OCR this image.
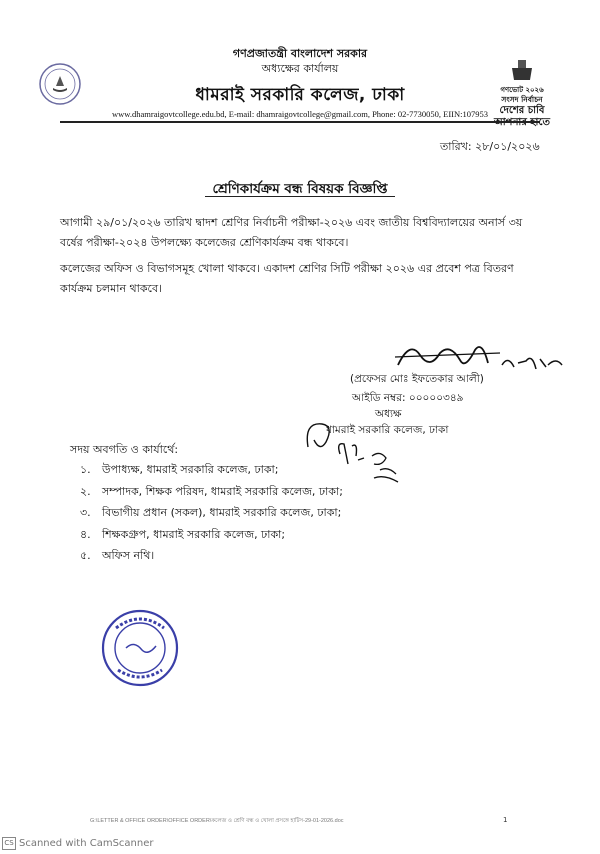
গণভোট ২০২৬
সংসদ নির্বাচন
দেশের চাবি
আপনার হাতে
গণপ্রজাতন্ত্রী বাংলাদেশ সরকার
অধ্যক্ষের কার্যালয়
ধামরাই সরকারি কলেজ, ঢাকা
www.dhamraigovtcollege.edu.bd, E-mail: dhamraigovtcollege@gmail.com, Phone: 02-7730050, EIIN:107953
তারিখ: ২৮/০১/২০২৬
শ্রেণিকার্যক্রম বন্ধ বিষয়ক বিজ্ঞপ্তি
আগামী ২৯/০১/২০২৬ তারিখ দ্বাদশ শ্রেণির নির্বাচনী পরীক্ষা-২০২৬ এবং জাতীয় বিশ্ববিদ্যালয়ের অনার্স ৩য়
বর্ষের পরীক্ষা-২০২৪ উপলক্ষ্যে কলেজের শ্রেণিকার্যক্রম বন্ধ থাকবে।
কলেজের অফিস ও বিভাগসমূহ খোলা থাকবে। একাদশ শ্রেণির সিটি পরীক্ষা ২০২৬ এর প্রবেশ পত্র বিতরণ
কার্যক্রম চলমান থাকবে।
(প্রফেসর মোঃ ইফতেকার আলী)
আইডি নম্বর: ০০০০০৩৪৯
অধ্যক্ষ
ধামরাই সরকারি কলেজ, ঢাকা
সদয় অবগতি ও কার্যার্থে:
১.	উপাধ্যক্ষ, ধামরাই সরকারি কলেজ, ঢাকা;
২.	সম্পাদক, শিক্ষক পরিষদ, ধামরাই সরকারি কলেজ, ঢাকা;
৩.	বিভাগীয় প্রধান (সকল), ধামরাই সরকারি কলেজ, ঢাকা;
৪.	শিক্ষকগ্রুপ, ধামরাই সরকারি কলেজ, ঢাকা;
৫.	অফিস নথি।
G:\LETTER & OFFICE ORDER\OFFICE ORDER\কলেজ ও শ্রেণি বন্ধ ও খোলা প্রসঙ্গে হাটিস-29-01-2026.doc	1
CS Scanned with CamScanner
